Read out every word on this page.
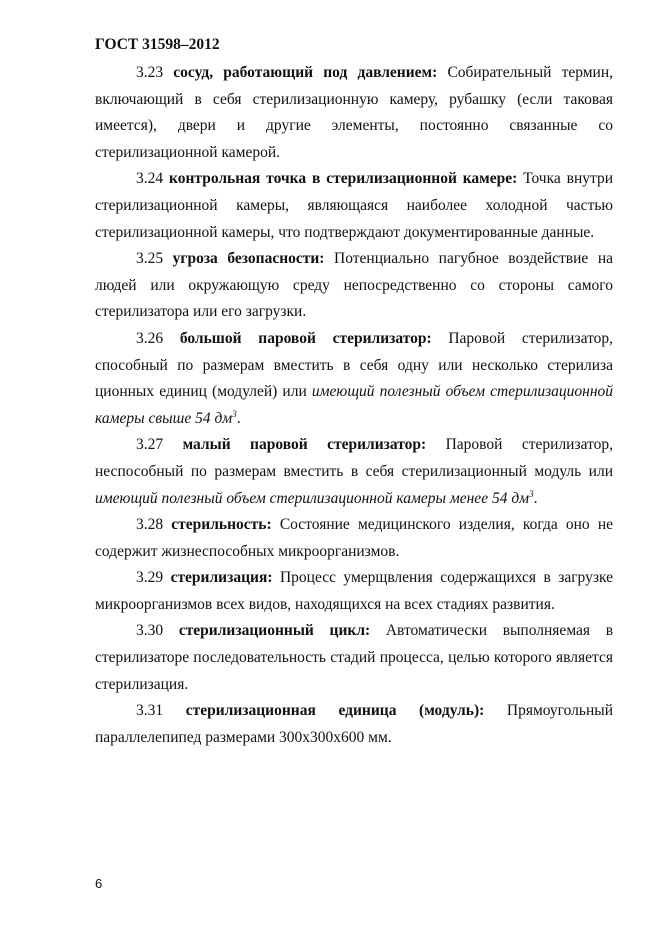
ГОСТ 31598–2012

3.23 сосуд, работающий под давлением: Собирательный термин, включающий в себя стерилизационную камеру, рубашку (если таковая имеется), двери и другие элементы, постоянно связанные со стерилизационной камерой.

3.24 контрольная точка в стерилизационной камере: Точка внутри стерилизационной камеры, являющаяся наиболее холодной частью стерилизационной камеры, что подтверждают документированные данные.

3.25 угроза безопасности: Потенциально пагубное воздействие на людей или окружающую среду непосредственно со стороны самого стерилизатора или его загрузки.

3.26 большой паровой стерилизатор: Паровой стерилизатор, способный по размерам вместить в себя одну или несколько стерилиза ционных единиц (модулей) или имеющий полезный объем стерилизационной камеры свыше 54 $дм^3$.

3.27 малый паровой стерилизатор: Паровой стерилизатор, неспособный по размерам вместить в себя стерилизационный модуль или имеющий полезный объем стерилизационной камеры менее 54 $дм^3$.

3.28 стерильность: Состояние медицинского изделия, когда оно не содержит жизнеспособных микроорганизмов.

3.29 стерилизация: Процесс умерщвления содержащихся в загрузке микроорганизмов всех видов, находящихся на всех стадиях развития.

3.30 стерилизационный цикл: Автоматически выполняемая в стерилизаторе последовательность стадий процесса, целью которого является стерилизация.

3.31 стерилизационная единица (модуль): Прямоугольный параллелепипед размерами 300x300x600 мм.

6
